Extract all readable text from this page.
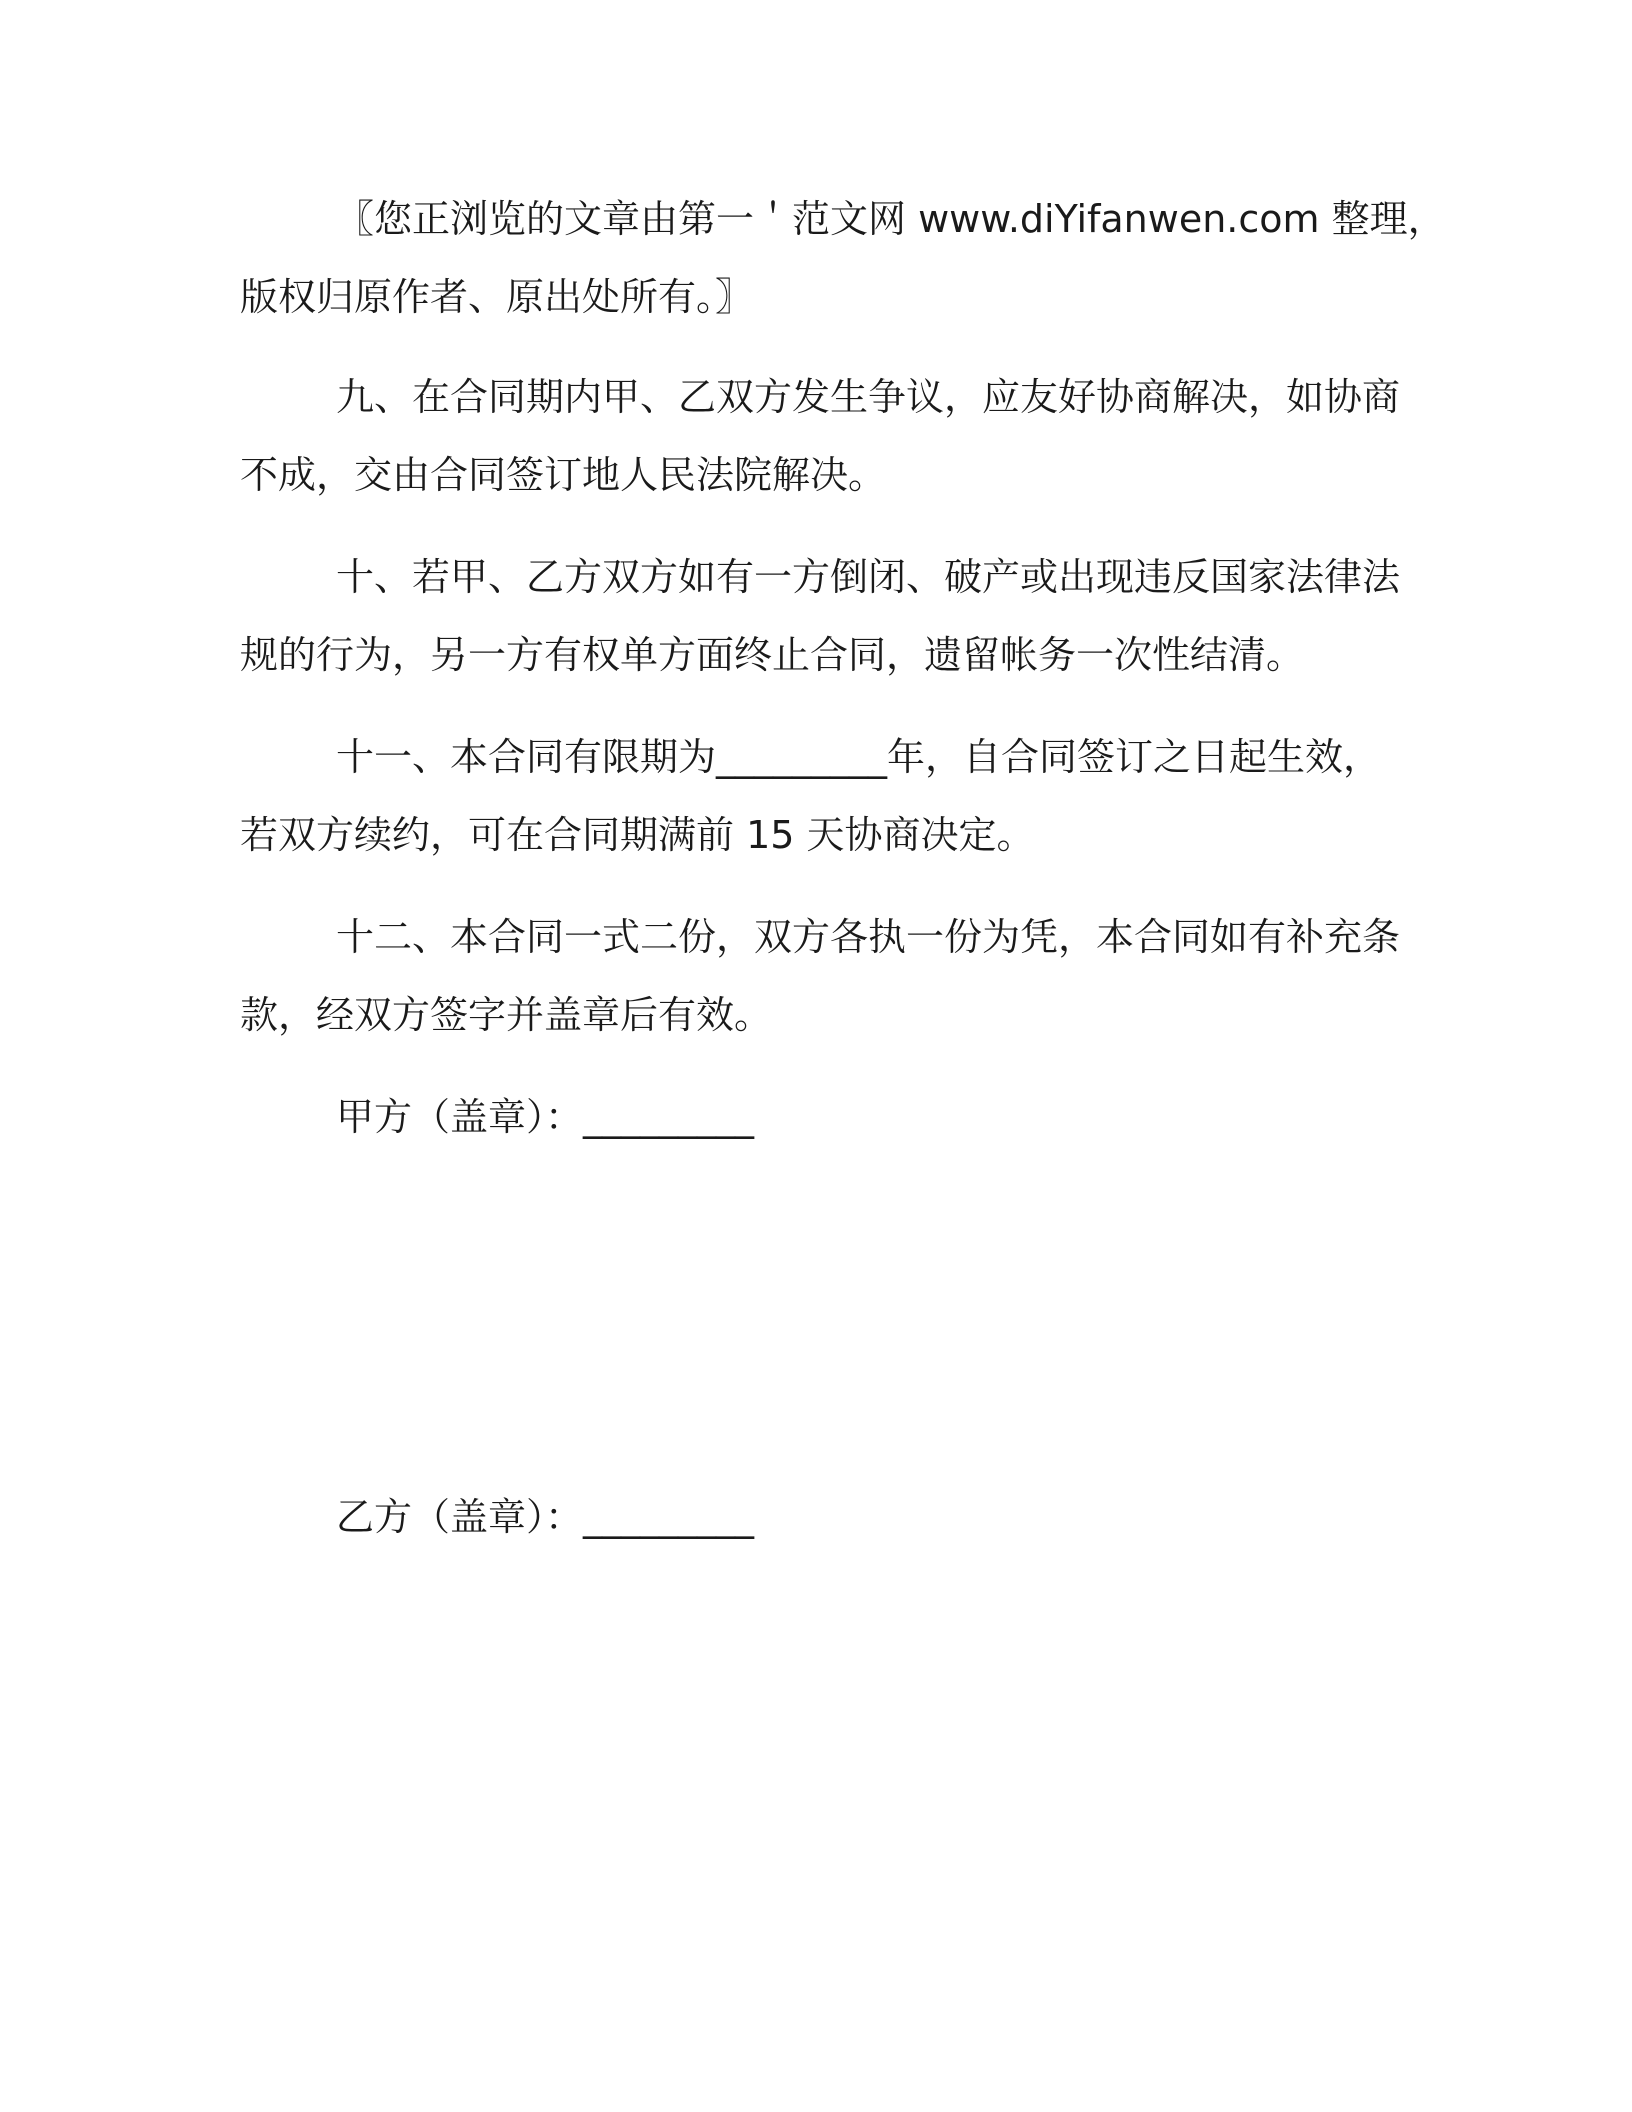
〖您正浏览的文章由第一＇范文网 www.diYifanwen.com 整理，
版权归原作者、原出处所有。〗
九、在合同期内甲、乙双方发生争议，应友好协商解决，如协商
不成，交由合同签订地人民法院解决。
十、若甲、乙方双方如有一方倒闭、破产或出现违反国家法律法
规的行为，另一方有权单方面终止合同，遗留帐务一次性结清。
十一、本合同有限期为_________年，自合同签订之日起生效，
若双方续约，可在合同期满前 15 天协商决定。
十二、本合同一式二份，双方各执一份为凭，本合同如有补充条
款，经双方签字并盖章后有效。
甲方（盖章）：_________
乙方（盖章）：_________
